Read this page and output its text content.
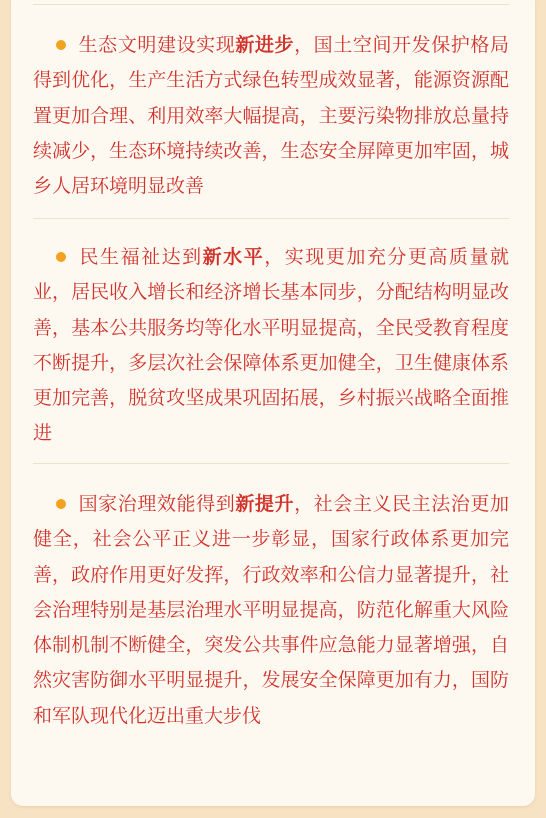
生态文明建设实现新进步，国土空间开发保护格局得到优化，生产生活方式绿色转型成效显著，能源资源配置更加合理、利用效率大幅提高，主要污染物排放总量持续减少，生态环境持续改善，生态安全屏障更加牢固，城乡人居环境明显改善
民生福祉达到新水平，实现更加充分更高质量就业，居民收入增长和经济增长基本同步，分配结构明显改善，基本公共服务均等化水平明显提高，全民受教育程度不断提升，多层次社会保障体系更加健全，卫生健康体系更加完善，脱贫攻坚成果巩固拓展，乡村振兴战略全面推进
国家治理效能得到新提升，社会主义民主法治更加健全，社会公平正义进一步彰显，国家行政体系更加完善，政府作用更好发挥，行政效率和公信力显著提升，社会治理特别是基层治理水平明显提高，防范化解重大风险体制机制不断健全，突发公共事件应急能力显著增强，自然灾害防御水平明显提升，发展安全保障更加有力，国防和军队现代化迈出重大步伐
